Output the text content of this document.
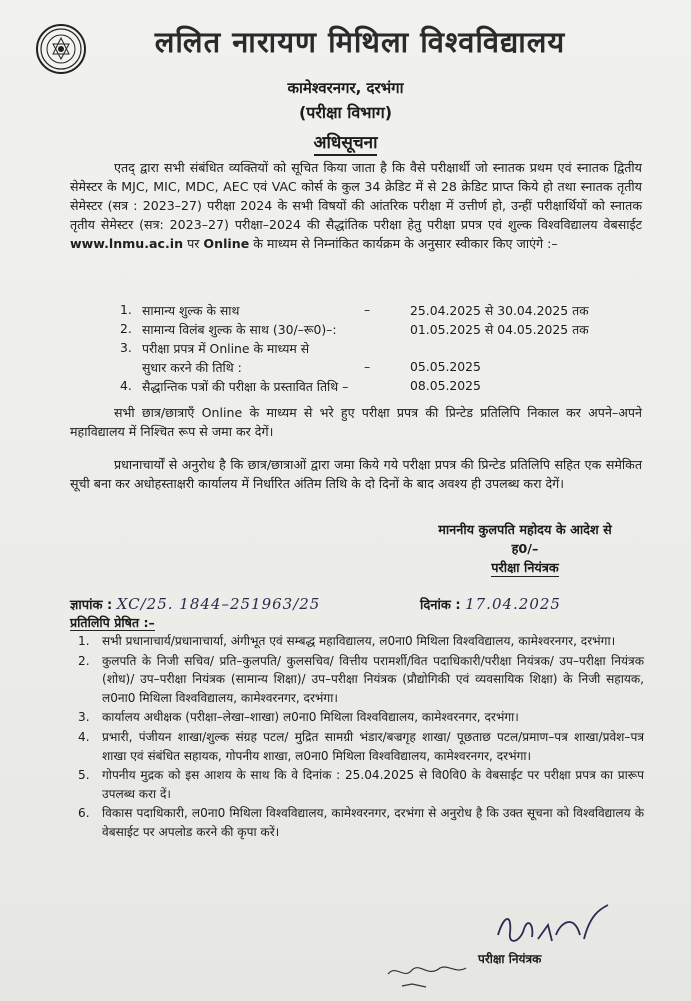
ललित नारायण मिथिला विश्वविद्यालय
कामेश्वरनगर, दरभंगा
(परीक्षा विभाग)
अधिसूचना
एतद् द्वारा सभी संबंधित व्यक्तियों को सूचित किया जाता है कि वैसे परीक्षार्थी जो स्नातक प्रथम एवं स्नातक द्वितीय सेमेस्टर के MJC, MIC, MDC, AEC एवं VAC कोर्स के कुल 34 क्रेडिट में से 28 क्रेडिट प्राप्त किये हो तथा स्नातक तृतीय सेमेस्टर (सत्र : 2023–27) परीक्षा 2024 के सभी विषयों की आंतरिक परीक्षा में उत्तीर्ण हो, उन्हीं परीक्षार्थियों को स्नातक तृतीय सेमेस्टर (सत्र: 2023–27) परीक्षा–2024 की सैद्धांतिक परीक्षा हेतु परीक्षा प्रपत्र एवं शुल्क विश्वविद्यालय वेबसाईट www.lnmu.ac.in पर Online के माध्यम से निम्नांकित कार्यक्रम के अनुसार स्वीकार किए जाएंगे :–
1. सामान्य शुल्क के साथ	–	25.04.2025 से 30.04.2025 तक
2. सामान्य विलंब शुल्क के साथ (30/–रू0)–:	01.05.2025 से 04.05.2025 तक
3. परीक्षा प्रपत्र में Online के माध्यम से
सुधार करने की तिथि :	–	05.05.2025
4. सैद्धान्तिक पत्रों की परीक्षा के प्रस्तावित तिथि –	08.05.2025
सभी छात्र/छात्राएँ Online के माध्यम से भरे हुए परीक्षा प्रपत्र की प्रिन्टेड प्रतिलिपि निकाल कर अपने–अपने महाविद्यालय में निश्चित रूप से जमा कर देगें।
प्रधानाचार्यों से अनुरोध है कि छात्र/छात्राओं द्वारा जमा किये गये परीक्षा प्रपत्र की प्रिन्टेड प्रतिलिपि सहित एक समेकित सूची बना कर अधोहस्ताक्षरी कार्यालय में निर्धारित अंतिम तिथि के दो दिनों के बाद अवश्य ही उपलब्ध करा देगें।
माननीय कुलपति महोदय के आदेश से
ह0/–
परीक्षा नियंत्रक
ज्ञापांक : XC/25. 1844–251963/25	दिनांक : 17.04.2025
प्रतिलिपि प्रेषित :–
1. सभी प्रधानाचार्य/प्रधानाचार्या, अंगीभूत एवं सम्बद्ध महाविद्यालय, ल0ना0 मिथिला विश्वविद्यालय, कामेश्वरनगर, दरभंगा।
2. कुलपति के निजी सचिव/ प्रति–कुलपति/ कुलसचिव/ वित्तीय परामर्शी/वित पदाधिकारी/परीक्षा नियंत्रक/ उप–परीक्षा नियंत्रक (शोध)/ उप–परीक्षा नियंत्रक (सामान्य शिक्षा)/ उप–परीक्षा नियंत्रक (प्रौद्योगिकी एवं व्यवसायिक शिक्षा) के निजी सहायक, ल0ना0 मिथिला विश्वविद्यालय, कामेश्वरनगर, दरभंगा।
3. कार्यालय अधीक्षक (परीक्षा–लेखा–शाखा) ल0ना0 मिथिला विश्वविद्यालय, कामेश्वरनगर, दरभंगा।
4. प्रभारी, पंजीयन शाखा/शुल्क संग्रह पटल/ मुद्रित सामग्री भंडार/बज्रगृह शाखा/ पूछताछ पटल/प्रमाण–पत्र शाखा/प्रवेश–पत्र शाखा एवं संबंधित सहायक, गोपनीय शाखा, ल0ना0 मिथिला विश्वविद्यालय, कामेश्वरनगर, दरभंगा।
5. गोपनीय मुद्रक को इस आशय के साथ कि वे दिनांक : 25.04.2025 से वि0वि0 के वेबसाईट पर परीक्षा प्रपत्र का प्रारूप उपलब्ध करा दें।
6. विकास पदाधिकारी, ल0ना0 मिथिला विश्वविद्यालय, कामेश्वरनगर, दरभंगा से अनुरोध है कि उक्त सूचना को विश्वविद्यालय के वेबसाईट पर अपलोड करने की कृपा करें।
परीक्षा नियंत्रक
